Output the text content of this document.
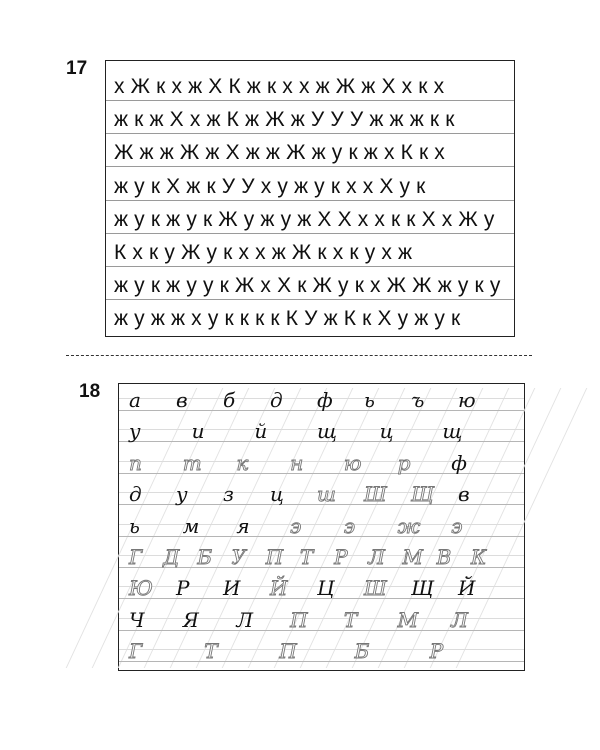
17
х Ж к х ж Х К ж к х х ж Ж ж Х х к х
ж к ж Х х ж К ж Ж ж У У У ж ж ж к к
Ж ж ж Ж ж Х ж ж Ж ж у к ж х К к х
ж у к Х ж к У У х у ж у к х х Х у к
ж у к ж у к Ж у ж у ж Х Х х х к к Х х Ж у
К х к у Ж у к х х ж Ж к х к у х ж
ж у к ж у у к Ж х Х к Ж у к х Ж Ж ж у к у
ж у ж ж х у к к к к К У ж К к Х у ж у к
18 а в б д ф ь ъ ю
у	и й щ ц щ
п т к н ю р ф
д у з ц ш Ш Щ в
ь м я э э ж э
Г Д Б У П Т Р Л М В К
Ю Р И Й Ц Ш Щ Й
Ч Я Л П Т М Л
Г	Т	П	Б	Р
